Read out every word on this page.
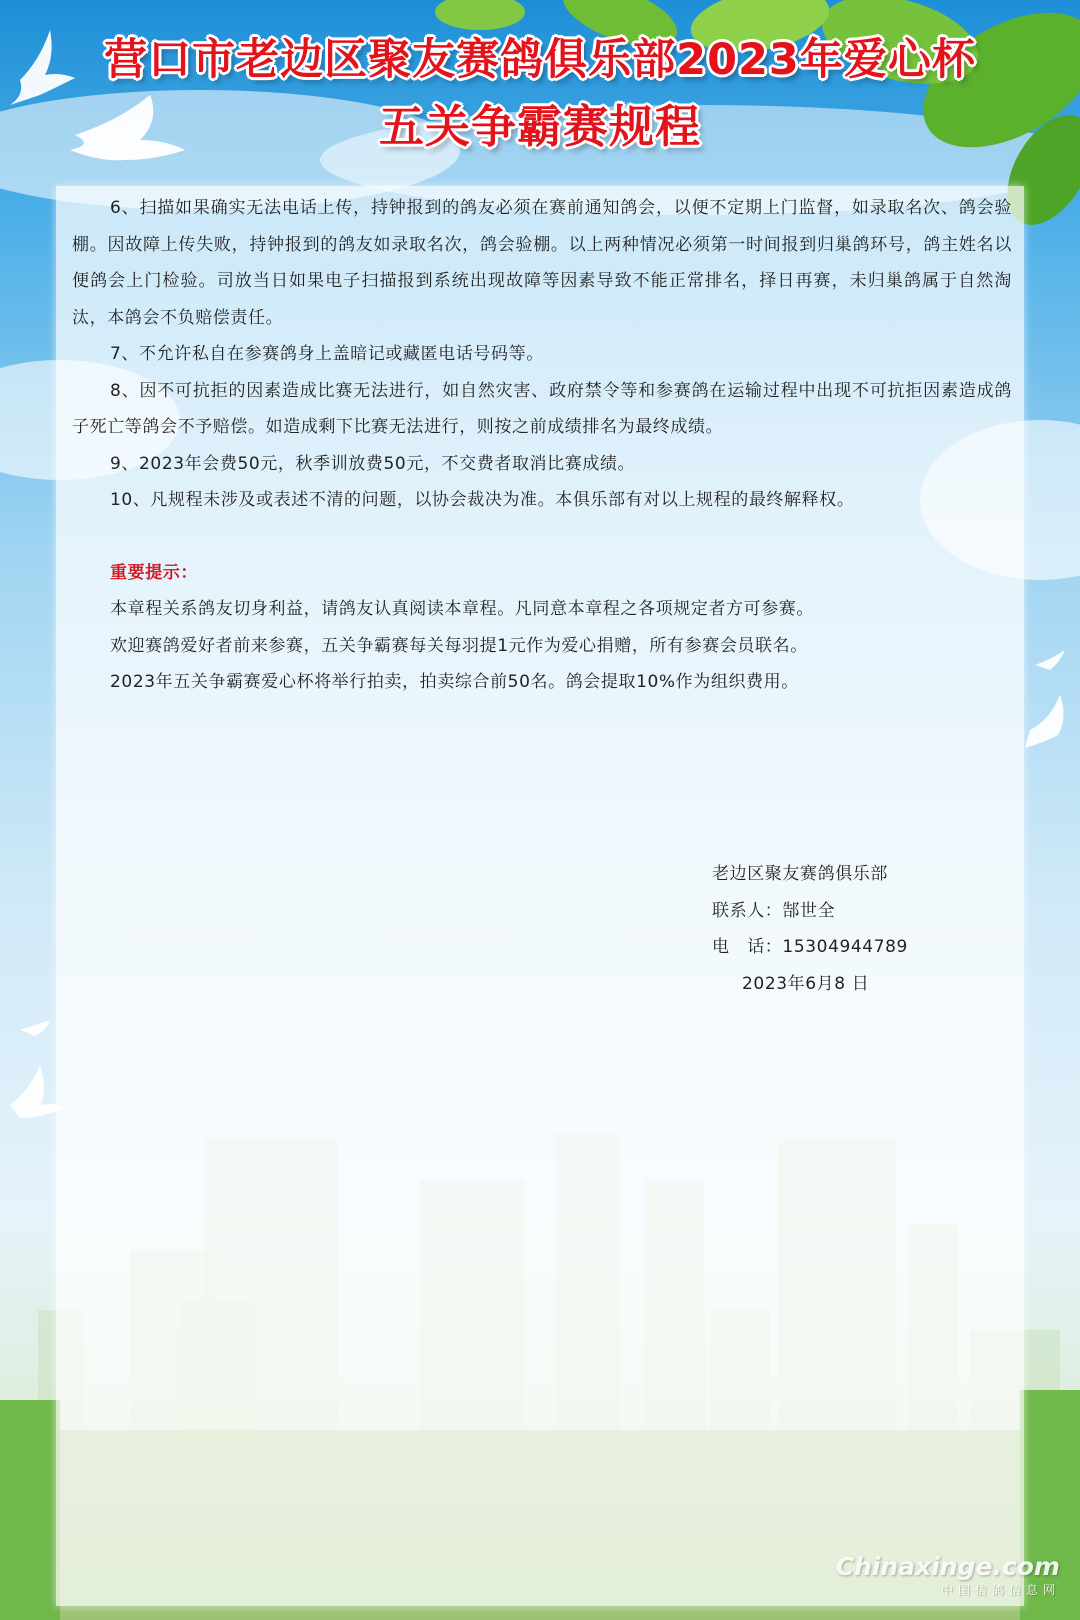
营口市老边区聚友赛鸽俱乐部2023年爱心杯
五关争霸赛规程

6、扫描如果确实无法电话上传，持钟报到的鸽友必须在赛前通知鸽会，以便不定期上门监督，如录取名次、鸽会验棚。因故障上传失败，持钟报到的鸽友如录取名次，鸽会验棚。以上两种情况必须第一时间报到归巢鸽环号，鸽主姓名以便鸽会上门检验。司放当日如果电子扫描报到系统出现故障等因素导致不能正常排名，择日再赛，未归巢鸽属于自然淘汰，本鸽会不负赔偿责任。

7、不允许私自在参赛鸽身上盖暗记或藏匿电话号码等。

8、因不可抗拒的因素造成比赛无法进行，如自然灾害、政府禁令等和参赛鸽在运输过程中出现不可抗拒因素造成鸽子死亡等鸽会不予赔偿。如造成剩下比赛无法进行，则按之前成绩排名为最终成绩。

9、2023年会费50元，秋季训放费50元，不交费者取消比赛成绩。

10、凡规程未涉及或表述不清的问题，以协会裁决为准。本俱乐部有对以上规程的最终解释权。

重要提示：

本章程关系鸽友切身利益，请鸽友认真阅读本章程。凡同意本章程之各项规定者方可参赛。

欢迎赛鸽爱好者前来参赛，五关争霸赛每关每羽提1元作为爱心捐赠，所有参赛会员联名。

2023年五关争霸赛爱心杯将举行拍卖，拍卖综合前50名。鸽会提取10%作为组织费用。

老边区聚友赛鸽俱乐部
联系人：郜世全
电　话：15304944789
2023年6月8 日
Chinaxinge.com
中国信鸽信息网
